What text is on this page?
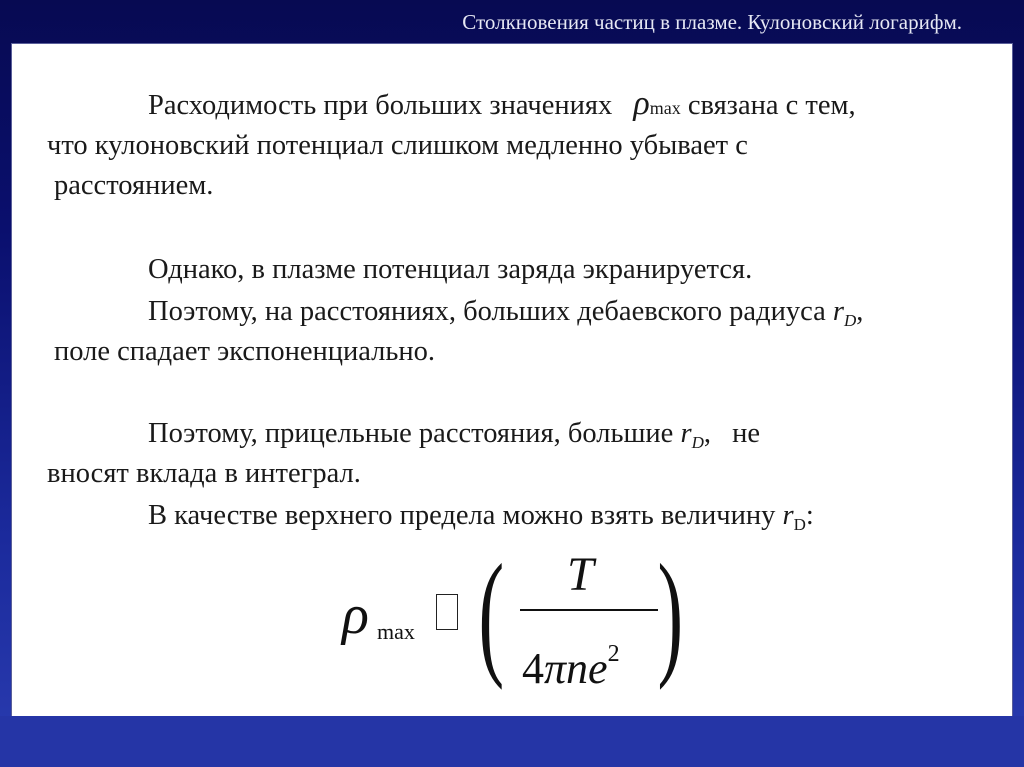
Столкновения частиц в плазме. Кулоновский логарифм.
Расходимость при больших значениях ρmax связана с тем,
что кулоновский потенциал слишком медленно убывает с
расстоянием.
Однако, в плазме потенциал заряда экранируется.
Поэтому, на расстояниях, больших дебаевского радиуса $r_D$,
поле спадает экспоненциально.
Поэтому, прицельные расстояния, большие $r_D$, не
вносят вклада в интеграл.
В качестве верхнего предела можно взять величину $r_D$:
ρ max ( T
4πne$^2$ )
